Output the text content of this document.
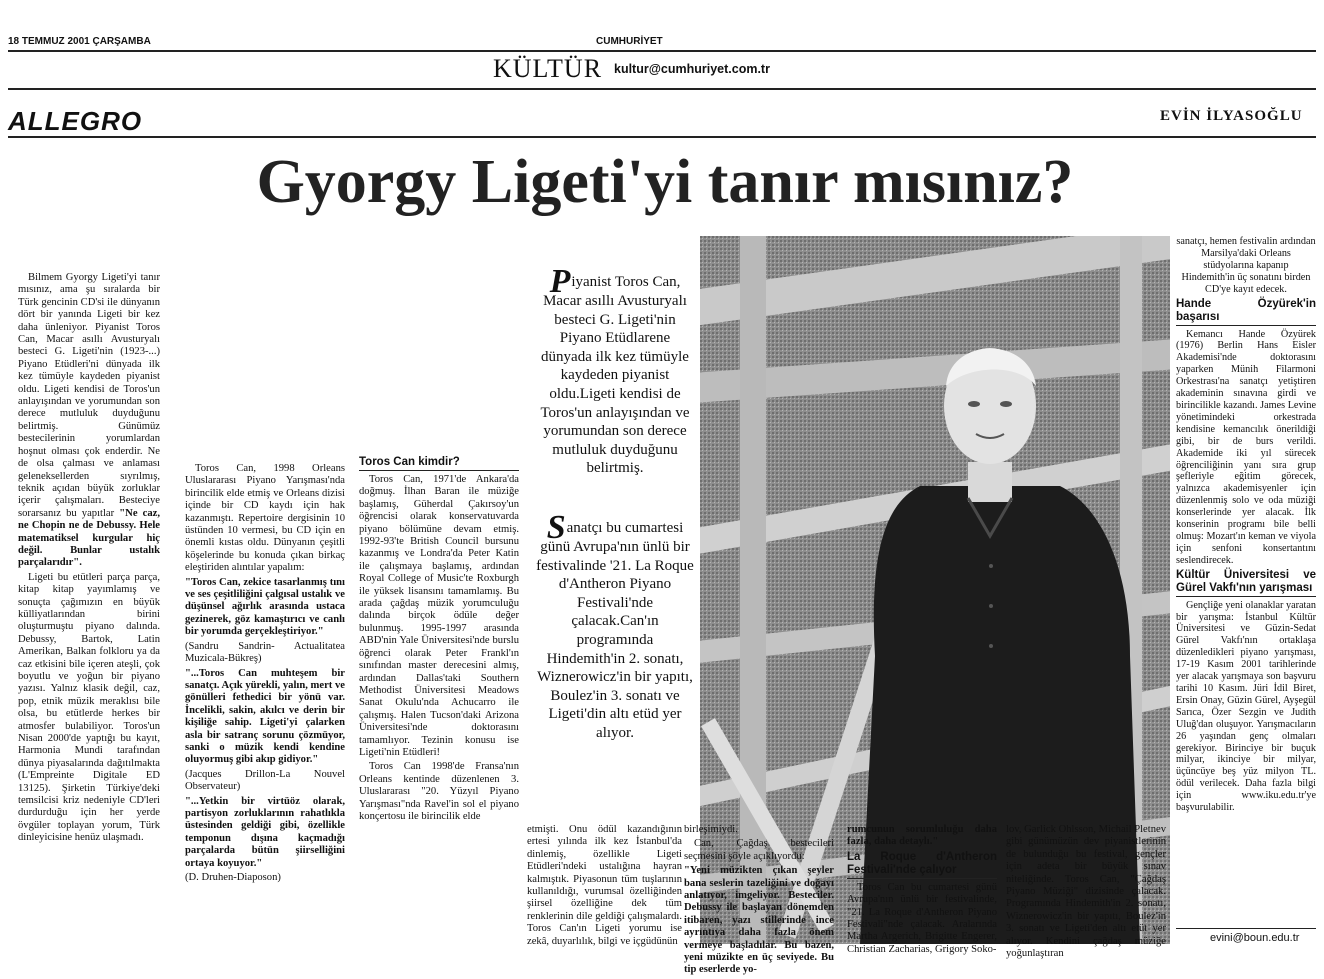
18 TEMMUZ 2001 ÇARŞAMBA	CUMHURİYET
KÜLTÜR kultur@cumhuriyet.com.tr
ALLEGRO	EVİN İLYASOĞLU
Gyorgy Ligeti'yi tanır mısınız?

Bilmem Gyorgy Ligeti'yi tanır mısınız, ama şu sıralarda bir Türk gencinin CD'si ile dünyanın dört bir yanında Ligeti bir kez daha ünleniyor. Piyanist Toros Can, Macar asıllı Avusturyalı besteci G. Ligeti'nin (1923-...) Piyano Etüdleri'ni dünyada ilk kez tümüyle kaydeden piyanist oldu. Ligeti kendisi de Toros'un anlayışından ve yorumundan son derece mutluluk duyduğunu belirtmiş. Günümüz bestecilerinin yorumlardan hoşnut olması çok enderdir. Ne de olsa çalması ve anlaması geleneksellerden sıyrılmış, teknik açıdan büyük zorluklar içerir çalışmaları. Besteciye sorarsanız bu yapıtlar "Ne caz, ne Chopin ne de Debussy. Hele matematiksel kurgular hiç değil. Bunlar ustalık parçalarıdır".

Ligeti bu etütleri parça parça, kitap kitap yayımlamış ve sonuçta çağımızın en büyük külliyatlarından birini oluşturmuştu piyano dalında. Debussy, Bartok, Latin Amerikan, Balkan folkloru ya da caz etkisini bile içeren ateşli, çok boyutlu ve yoğun bir piyano yazısı. Yalnız klasik değil, caz, pop, etnik müzik meraklısı bile olsa, bu etütlerde herkes bir atmosfer bulabiliyor. Toros'un Nisan 2000'de yaptığı bu kayıt, Harmonia Mundi tarafından dünya piyasalarında dağıtılmakta (L'Empreinte Digitale ED 13125). Şirketin Türkiye'deki temsilcisi kriz nedeniyle CD'leri durdurduğu için her yerde övgüler toplayan yorum, Türk dinleyicisine henüz ulaşmadı.

Toros Can, 1998 Orleans Uluslararası Piyano Yarışması'nda birincilik elde etmiş ve Orleans dizisi içinde bir CD kaydı için hak kazanmıştı. Repertoire dergisinin 10 üstünden 10 vermesi, bu CD için en önemli kıstas oldu. Dünyanın çeşitli köşelerinde bu konuda çıkan birkaç eleştiriden alıntılar yapalım:

"Toros Can, zekice tasarlanmış tını ve ses çeşitliliğini çalgısal ustalık ve düşünsel ağırlık arasında ustaca gezinerek, göz kamaştırıcı ve canlı bir yorumda gerçekleştiriyor."

(Sandru Sandrin- Actualitatea Muzicala-Bükreş)

"...Toros Can muhteşem bir sanatçı. Açık yürekli, yalın, mert ve gönülleri fethedici bir yönü var. İncelikli, sakin, akılcı ve derin bir kişiliğe sahip. Ligeti'yi çalarken asla bir satranç sorunu çözmüyor, sanki o müzik kendi kendine oluyormuş gibi akıp gidiyor."

(Jacques Drillon-La Nouvel Observateur)

"...Yetkin bir virtüöz olarak, partisyon zorluklarının rahatlıkla üstesinden geldiği gibi, özellikle temponun dışına kaçmadığı parçalarda bütün şiirselliğini ortaya koyuyor."

(D. Druhen-Diaposon)

Toros Can kimdir?

Toros Can, 1971'de Ankara'da doğmuş. İlhan Baran ile müziğe başlamış, Güherdal Çakırsoy'un öğrencisi olarak konservatuvarda piyano bölümüne devam etmiş. 1992-93'te British Council bursunu kazanmış ve Londra'da Peter Katin ile çalışmaya başlamış, ardından Royal College of Music'te Roxburgh ile yüksek lisansını tamamlamış. Bu arada çağdaş müzik yorumculuğu dalında birçok ödüle değer bulunmuş. 1995-1997 arasında ABD'nin Yale Üniversitesi'nde burslu öğrenci olarak Peter Frankl'ın sınıfından master derecesini almış, ardından Dallas'taki Southern Methodist Üniversitesi Meadows Sanat Okulu'nda Achucarro ile çalışmış. Halen Tucson'daki Arizona Üniversitesi'nde doktorasını tamamlıyor. Tezinin konusu ise Ligeti'nin Etüdleri!

Toros Can 1998'de Fransa'nın Orleans kentinde düzenlenen 3. Uluslararası "20. Yüzyıl Piyano Yarışması"nda Ravel'in sol el piyano konçertosu ile birincilik elde

Piyanist Toros Can, Macar asıllı Avusturyalı besteci G. Ligeti'nin Piyano Etüdlarene dünyada ilk kez tümüyle kaydeden piyanist oldu.Ligeti kendisi de Toros'un anlayışından ve yorumundan son derece mutluluk duyduğunu belirtmiş.
Sanatçı bu cumartesi günü Avrupa'nın ünlü bir festivalinde '21. La Roque d'Antheron Piyano Festivali'nde çalacak.Can'ın programında Hindemith'in 2. sonatı, Wiznerowicz'in bir yapıtı, Boulez'in 3. sonatı ve Ligeti'din altı etüd yer alıyor.

etmişti. Onu ödül kazandığının ertesi yılında ilk kez İstanbul'da dinlemiş, özellikle Ligeti Etüdleri'ndeki ustalığına hayran kalmıştık. Piyasonun tüm tuşlarının kullanıldığı, vurumsal özelliğinden şiirsel özelliğine dek tüm renklerinin dile geldiği çalışmalardı. Toros Can'ın Ligeti yorumu ise zekâ, duyarlılık, bilgi ve içgüdünün

birleşimiydi.

Can, Çağdaş bestecileri seçmesini şöyle açıklıyordu:

"Yeni müzikten çıkan şeyler bana seslerin tazeliğini ve doğayı anlatıyor, imgeliyor. Besteciler. Debussy ile başlayan dönemden itibaren, yazı stillerinde ince ayrıntıya daha fazla önem vermeye başladılar. Bu bazen, yeni müzikte en üç seviyede. Bu tip eserlerde yo-

rumcunun sorumluluğu daha fazla, daha detaylı."

La Roque d'Antheron Festivali'nde çalıyor

Toros Can bu cumartesi günü Avrupa'nın ünlü bir festivalinde, "21. La Roque d'Antheron Piyano Festivali"nde çalacak. Aralarında Martha Argerich, Brigitte Engerer, Christian Zacharias, Grigory Soko-

lov, Garlick Ohlsson, Michail Pletnev gibi günümüzün dev piyanistlerinin de bulunduğu bu festival, gençler için adeta bir büyük sınav niteliğinde. Toros Can, "Çağdaş Piyano Müziği" dizisinde çalacak. Programında Hindemith'in 2. sonatı, Wiznerowicz'in bir yapıtı, Boulez'in 3. sonatı ve Ligeti'den altı etüt yer alıyor. Kendini çağdaş müziğe yoğunlaştıran

sanatçı, hemen festivalin ardından Marsilya'daki Orleans stüdyolarına kapanıp Hindemith'in üç sonatını birden CD'ye kayıt edecek.

Hande Özyürek'in başarısı

Kemancı Hande Özyürek (1976) Berlin Hans Eisler Akademisi'nde doktorasını yaparken Münih Filarmoni Orkestrası'na sanatçı yetiştiren akademinin sınavına girdi ve birincilikle kazandı. James Levine yönetimindeki orkestrada kendisine kemancılık önerildiği gibi, bir de burs verildi. Akademide iki yıl sürecek öğrenciliğinin yanı sıra grup şefleriyle eğitim görecek, yalnızca akademisyenler için düzenlenmiş solo ve oda müziği konserlerinde yer alacak. İlk konserinin programı bile belli olmuş: Mozart'ın keman ve viyola için senfoni konsertantını seslendirecek.

Kültür Üniversitesi ve Gürel Vakfı'nın yarışması

Gençliğe yeni olanaklar yaratan bir yarışma: İstanbul Kültür Üniversitesi ve Güzin-Sedat Gürel Vakfı'nın ortaklaşa düzenledikleri piyano yarışması, 17-19 Kasım 2001 tarihlerinde yer alacak yarışmaya son başvuru tarihi 10 Kasım. Jüri İdil Biret, Ersin Onay, Güzin Gürel, Ayşegül Sarıca, Özer Sezgin ve Judith Uluğ'dan oluşuyor. Yarışmacıların 26 yaşından genç olmaları gerekiyor. Birinciye bir buçuk milyar, ikinciye bir milyar, üçüncüye beş yüz milyon TL. ödül verilecek. Daha fazla bilgi için www.iku.edu.tr'ye başvurulabilir.

evini@boun.edu.tr
